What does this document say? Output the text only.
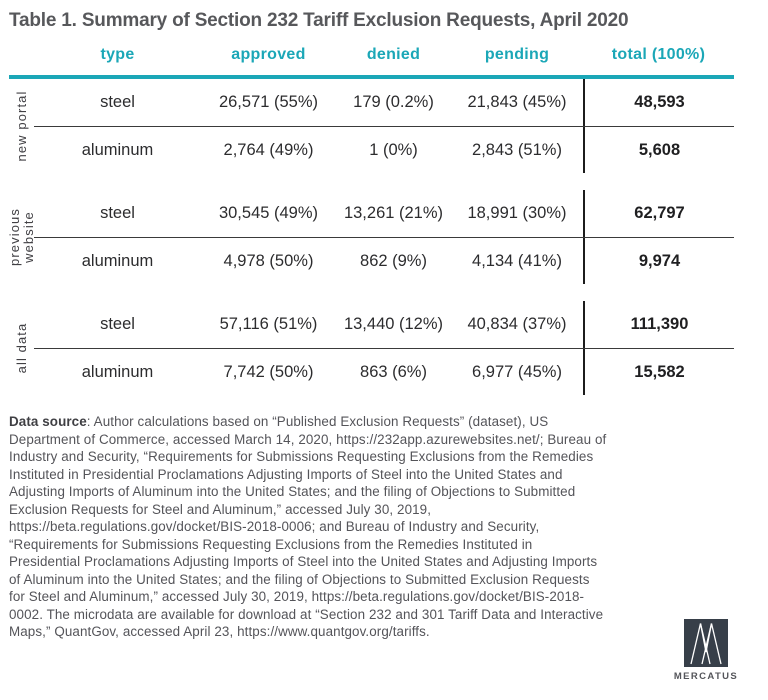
Table 1. Summary of Section 232 Tariff Exclusion Requests, April 2020
type	approved	denied	pending	total (100%)
new portal	steel	26,571 (55%)	179 (0.2%)	21,843 (45%)	48,593
aluminum	2,764 (49%)	1 (0%)	2,843 (51%)	5,608
previous website	steel	30,545 (49%)	13,261 (21%)	18,991 (30%)	62,797
aluminum	4,978 (50%)	862 (9%)	4,134 (41%)	9,974
all data	steel	57,116 (51%)	13,440 (12%)	40,834 (37%)	111,390
aluminum	7,742 (50%)	863 (6%)	6,977 (45%)	15,582

Data source: Author calculations based on “Published Exclusion Requests” (dataset), US Department of Commerce, accessed March 14, 2020, https://232app.azurewebsites.net/; Bureau of Industry and Security, “Requirements for Submissions Requesting Exclusions from the Remedies Instituted in Presidential Proclamations Adjusting Imports of Steel into the United States and Adjusting Imports of Aluminum into the United States; and the filing of Objections to Submitted Exclusion Requests for Steel and Aluminum,” accessed July 30, 2019, https://beta.regulations.gov/docket/BIS-2018-0006; and Bureau of Industry and Security, “Requirements for Submissions Requesting Exclusions from the Remedies Instituted in Presidential Proclamations Adjusting Imports of Steel into the United States and Adjusting Imports of Aluminum into the United States; and the filing of Objections to Submitted Exclusion Requests for Steel and Aluminum,” accessed July 30, 2019, https://beta.regulations.gov/docket/BIS-2018-0002. The microdata are available for download at “Section 232 and 301 Tariff Data and Interactive Maps,” QuantGov, accessed April 23, https://www.quantgov.org/tariffs.

MERCATUS
